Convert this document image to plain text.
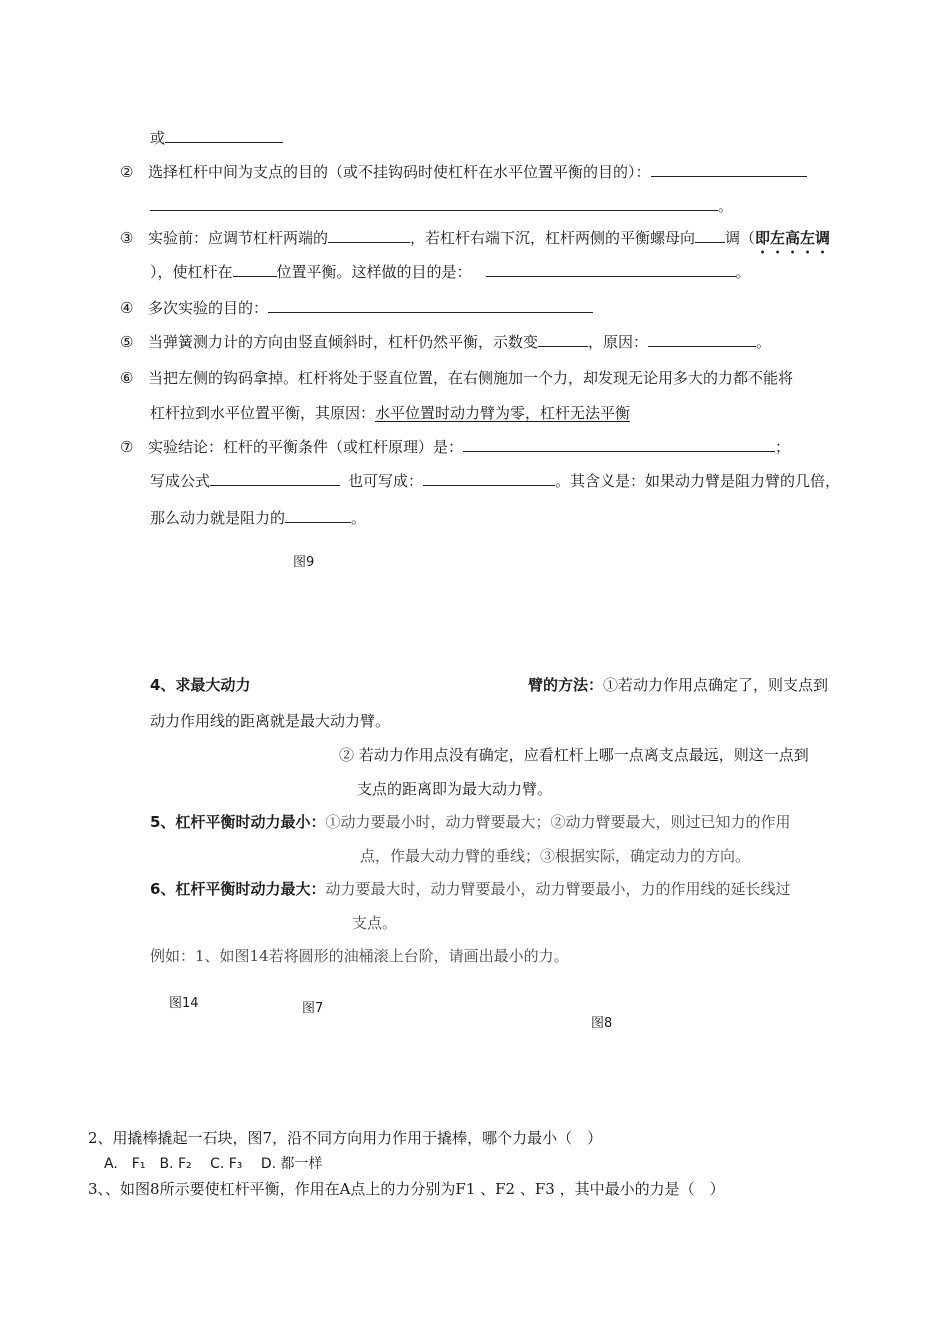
或
② 选择杠杆中间为支点的目的（或不挂钩码时使杠杆在水平位置平衡的目的）：
。
③ 实验前：应调节杠杆两端的	，若杠杆右端下沉，杠杆两侧的平衡螺母向 调（即左高左调
），使杠杆在	位置平衡。这样做的目的是：	。
④ 多次实验的目的：
⑤ 当弹簧测力计的方向由竖直倾斜时，杠杆仍然平衡，示数变	，原因：	。
⑥ 当把左侧的钩码拿掉。杠杆将处于竖直位置，在右侧施加一个力，却发现无论用多大的力都不能将
杠杆拉到水平位置平衡，其原因：水平位置时动力臂为零，杠杆无法平衡
⑦ 实验结论：杠杆的平衡条件（或杠杆原理）是：	；
写成公式	也可写成：	。其含义是：如果动力臂是阻力臂的几倍，
那么动力就是阻力的	。
图9
4、求最大动力	臂的方法：①若动力作用点确定了，则支点到
动力作用线的距离就是最大动力臂。
② 若动力作用点没有确定，应看杠杆上哪一点离支点最远，则这一点到
支点的距离即为最大动力臂。
5、杠杆平衡时动力最小：①动力要最小时，动力臂要最大；②动力臂要最大，则过已知力的作用
点，作最大动力臂的垂线；③根据实际，确定动力的方向。
6、杠杆平衡时动力最大：动力要最大时，动力臂要最小，动力臂要最小，力的作用线的延长线过
支点。
例如：1、如图14若将圆形的油桶滚上台阶，请画出最小的力。
图14	图7
图8
2、用撬棒撬起一石块，图7，沿不同方向用力作用于撬棒，哪个力最小（　）
A.　F₁　B. F₂　 C. F₃　 D. 都一样
3、、如图8所示要使杠杆平衡，作用在A点上的力分别为F1 、F2 、F3 ，其中最小的力是（　）
